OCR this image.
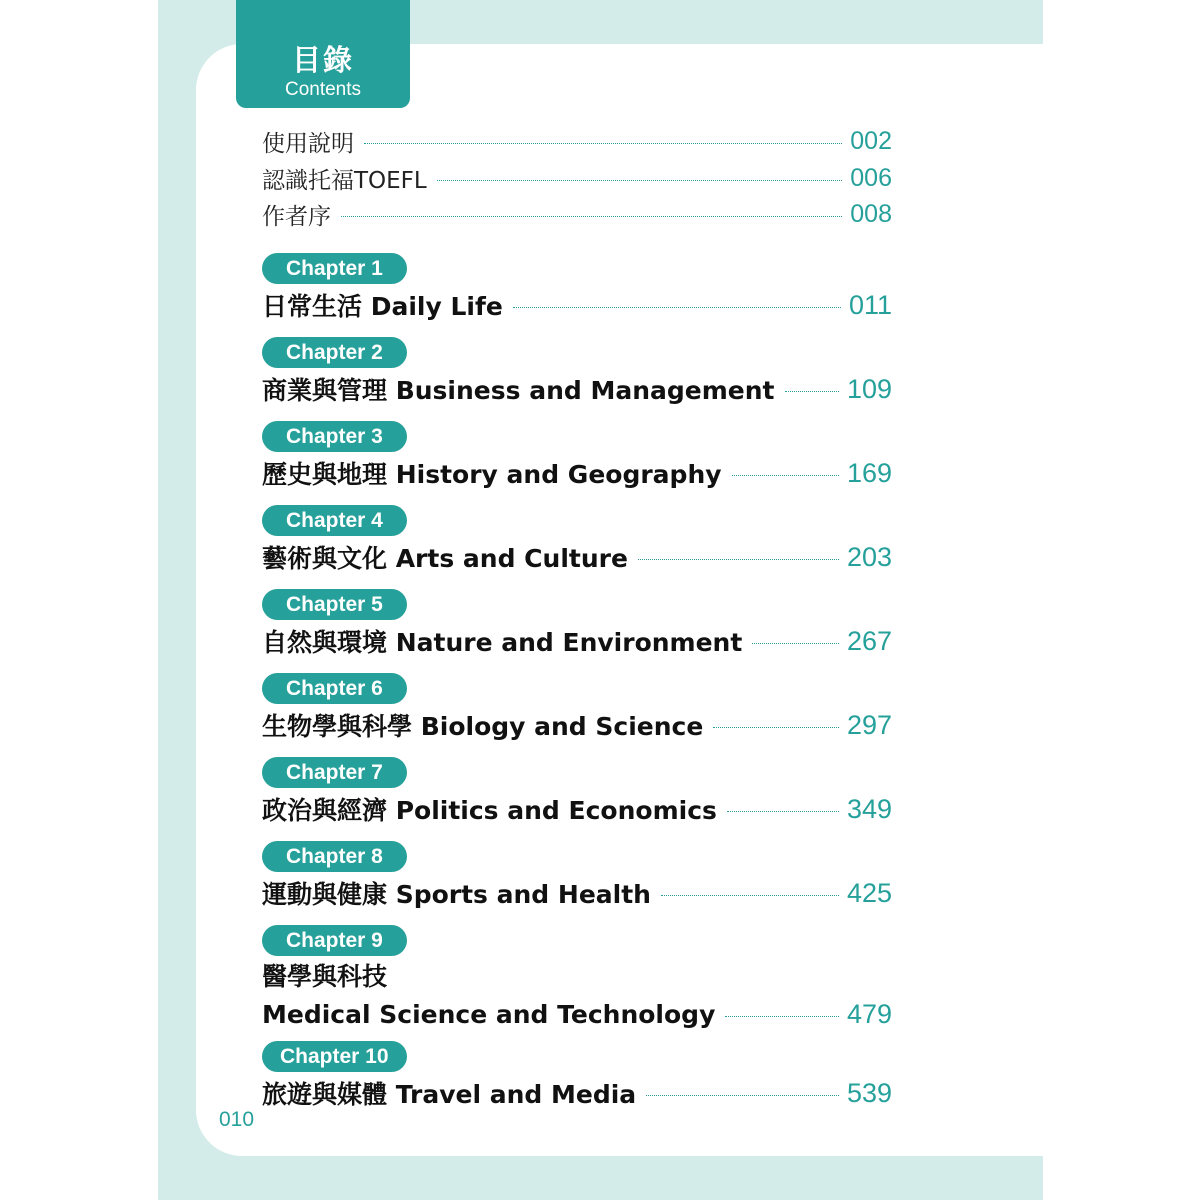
目錄
Contents
使用說明	002
認識托福TOEFL	006
作者序	008
Chapter 1
日常生活 Daily Life	011
Chapter 2
商業與管理 Business and Management	109
Chapter 3
歷史與地理 History and Geography	169
Chapter 4
藝術與文化 Arts and Culture	203
Chapter 5
自然與環境 Nature and Environment	267
Chapter 6
生物學與科學 Biology and Science	297
Chapter 7
政治與經濟 Politics and Economics	349
Chapter 8
運動與健康 Sports and Health	425
Chapter 9
醫學與科技
Medical Science and Technology	479
Chapter 10
旅遊與媒體 Travel and Media	539
010
